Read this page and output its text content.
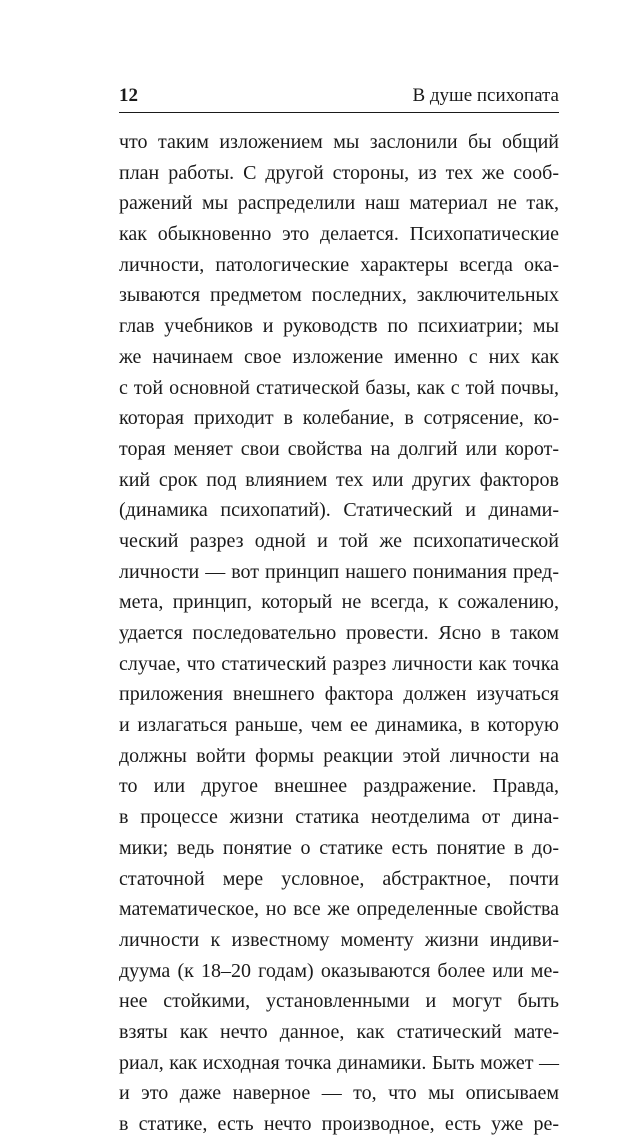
12	В душе психопата
что таким изложением мы заслонили бы общий
план работы. С другой стороны, из тех же сооб-
ражений мы распределили наш материал не так,
как обыкновенно это делается. Психопатические
личности, патологические характеры всегда ока-
зываются предметом последних, заключительных
глав учебников и руководств по психиатрии; мы
же начинаем свое изложение именно с них как
с той основной статической базы, как с той почвы,
которая приходит в колебание, в сотрясение, ко-
торая меняет свои свойства на долгий или корот-
кий срок под влиянием тех или других факторов
(динамика психопатий). Статический и динами-
ческий разрез одной и той же психопатической
личности — вот принцип нашего понимания пред-
мета, принцип, который не всегда, к сожалению,
удается последовательно провести. Ясно в таком
случае, что статический разрез личности как точка
приложения внешнего фактора должен изучаться
и излагаться раньше, чем ее динамика, в которую
должны войти формы реакции этой личности на
то или другое внешнее раздражение. Правда,
в процессе жизни статика неотделима от дина-
мики; ведь понятие о статике есть понятие в до-
статочной мере условное, абстрактное, почти
математическое, но все же определенные свойства
личности к известному моменту жизни индиви-
дуума (к 18–20 годам) оказываются более или ме-
нее стойкими, установленными и могут быть
взяты как нечто данное, как статический мате-
риал, как исходная точка динамики. Быть может —
и это даже наверное — то, что мы описываем
в статике, есть нечто производное, есть уже ре-
